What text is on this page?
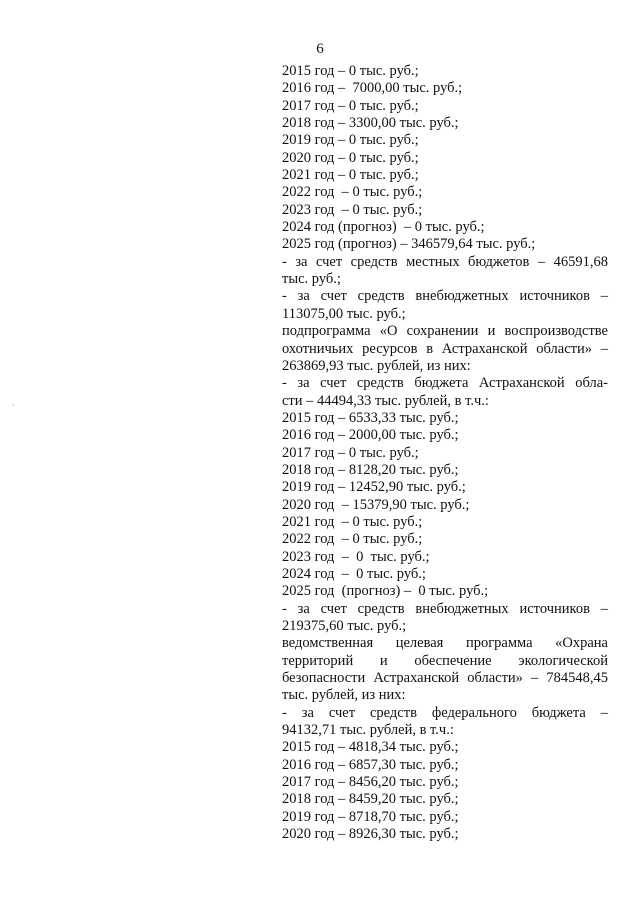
6
·
2015 год – 0 тыс. руб.;
2016 год –  7000,00 тыс. руб.;
2017 год – 0 тыс. руб.;
2018 год – 3300,00 тыс. руб.;
2019 год – 0 тыс. руб.;
2020 год – 0 тыс. руб.;
2021 год – 0 тыс. руб.;
2022 год  – 0 тыс. руб.;
2023 год  – 0 тыс. руб.;
2024 год (прогноз)  – 0 тыс. руб.;
2025 год (прогноз) – 346579,64 тыс. руб.;
- за счет средств местных бюджетов – 46591,68
тыс. руб.;
- за счет средств внебюджетных источников –
113075,00 тыс. руб.;
подпрограмма «О сохранении и воспроизводстве
охотничьих ресурсов в Астраханской области» –
263869,93 тыс. рублей, из них:
- за счет средств бюджета Астраханской обла-
сти – 44494,33 тыс. рублей, в т.ч.:
2015 год – 6533,33 тыс. руб.;
2016 год – 2000,00 тыс. руб.;
2017 год – 0 тыс. руб.;
2018 год – 8128,20 тыс. руб.;
2019 год – 12452,90 тыс. руб.;
2020 год  – 15379,90 тыс. руб.;
2021 год  – 0 тыс. руб.;
2022 год  – 0 тыс. руб.;
2023 год  –  0  тыс. руб.;
2024 год  –  0 тыс. руб.;
2025 год  (прогноз) –  0 тыс. руб.;
- за счет средств внебюджетных источников –
219375,60 тыс. руб.;
ведомственная целевая программа «Охрана
территорий и обеспечение экологической
безопасности Астраханской области» – 784548,45
тыс. рублей, из них:
- за счет средств федерального бюджета –
94132,71 тыс. рублей, в т.ч.:
2015 год – 4818,34 тыс. руб.;
2016 год – 6857,30 тыс. руб.;
2017 год – 8456,20 тыс. руб.;
2018 год – 8459,20 тыс. руб.;
2019 год – 8718,70 тыс. руб.;
2020 год – 8926,30 тыс. руб.;
